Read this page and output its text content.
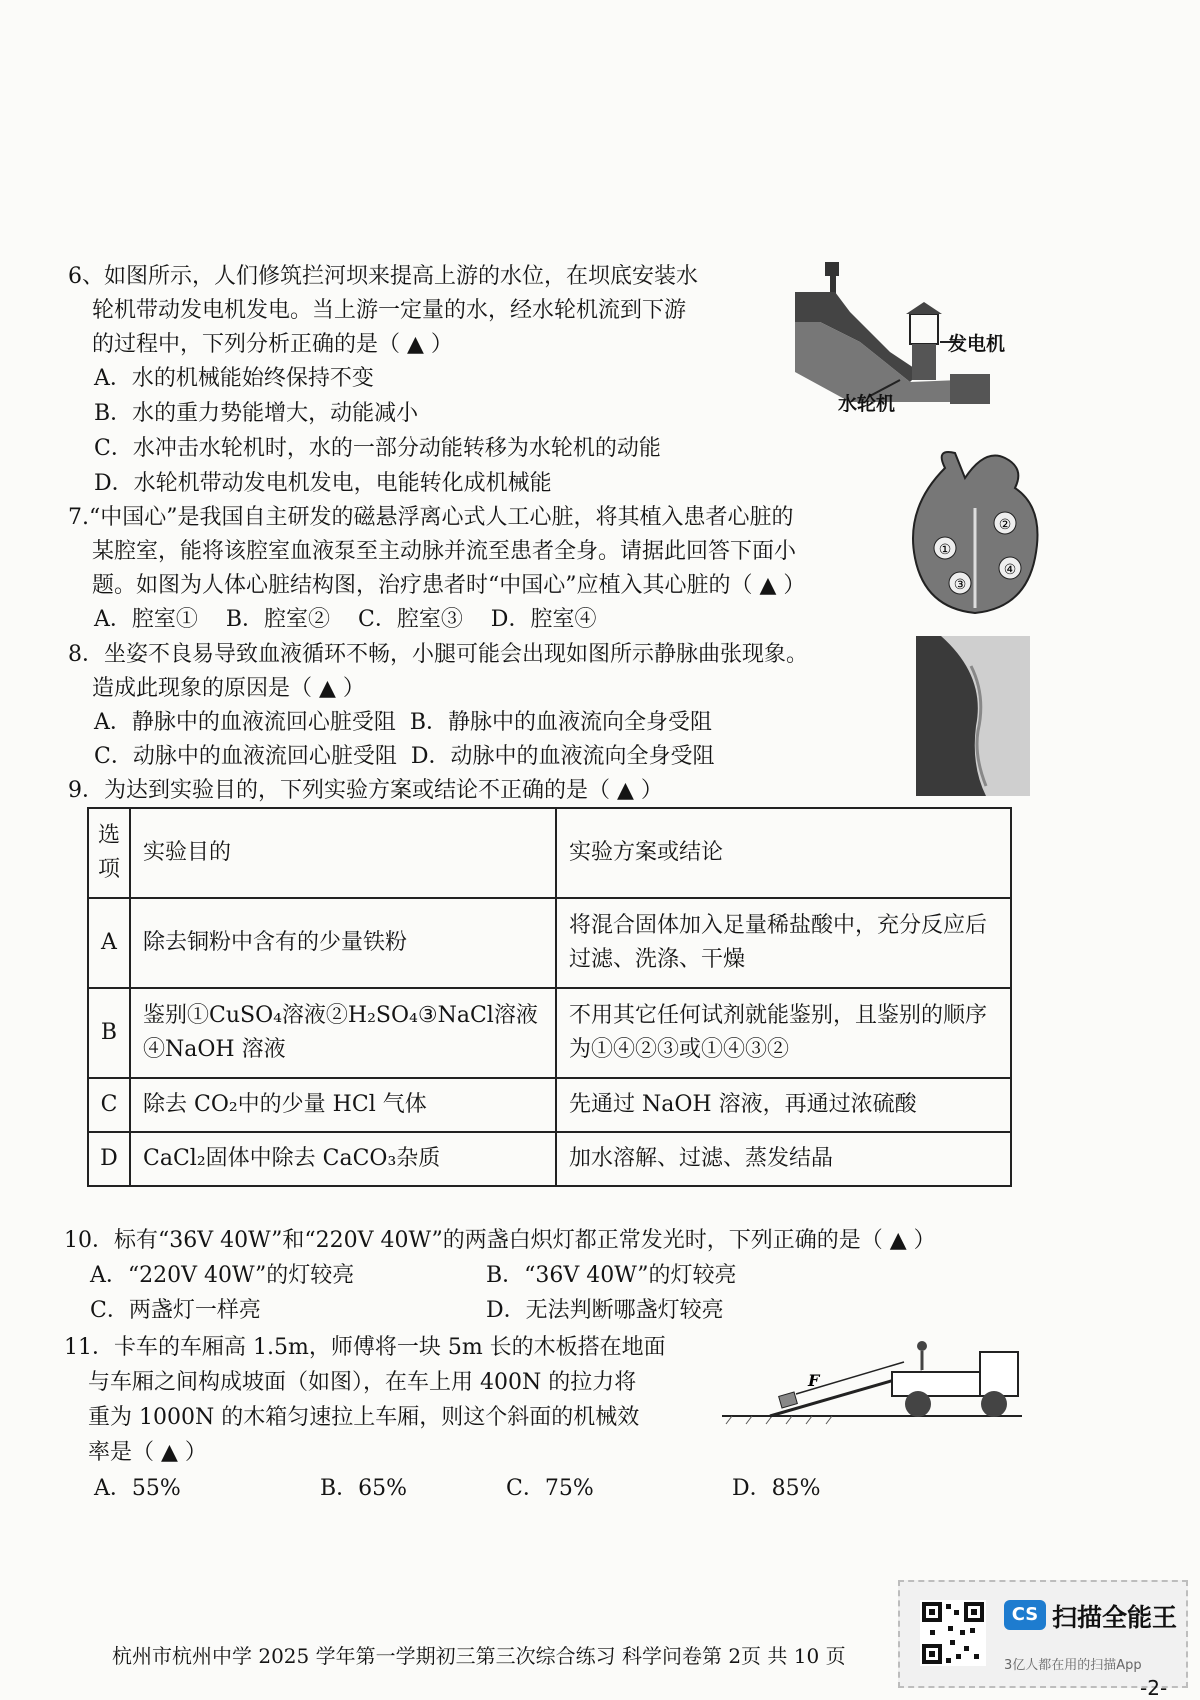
6、如图所示，人们修筑拦河坝来提高上游的水位，在坝底安装水
轮机带动发电机发电。当上游一定量的水，经水轮机流到下游
的过程中，下列分析正确的是（ ▲ ）
A．水的机械能始终保持不变
B．水的重力势能增大，动能减小
C．水冲击水轮机时，水的一部分动能转移为水轮机的动能
D．水轮机带动发电机发电，电能转化成机械能
发电机
水轮机
7.“中国心”是我国自主研发的磁悬浮离心式人工心脏，将其植入患者心脏的
某腔室，能将该腔室血液泵至主动脉并流至患者全身。请据此回答下面小
题。如图为人体心脏结构图，治疗患者时“中国心”应植入其心脏的（ ▲ ）
A．腔室①    B．腔室②    C．腔室③    D．腔室④
①
②
③
④
8．坐姿不良易导致血液循环不畅，小腿可能会出现如图所示静脉曲张现象。
造成此现象的原因是（ ▲ ）
A．静脉中的血液流回心脏受阻  B．静脉中的血液流向全身受阻
C．动脉中的血液流回心脏受阻  D．动脉中的血液流向全身受阻
9．为达到实验目的，下列实验方案或结论不正确的是（ ▲ ）
选项	实验目的	实验方案或结论
A	除去铜粉中含有的少量铁粉	将混合固体加入足量稀盐酸中，充分反应后过滤、洗涤、干燥
B	鉴别①CuSO₄溶液②H₂SO₄③NaCl溶液④NaOH 溶液	不用其它任何试剂就能鉴别，且鉴别的顺序为①④②③或①④③②
C	除去 CO₂中的少量 HCl 气体	先通过 NaOH 溶液，再通过浓硫酸
D	CaCl₂固体中除去 CaCO₃杂质	加水溶解、过滤、蒸发结晶
10．标有“36V 40W”和“220V 40W”的两盏白炽灯都正常发光时，下列正确的是（ ▲ ）
A．“220V 40W”的灯较亮	B．“36V 40W”的灯较亮
C．两盏灯一样亮	D．无法判断哪盏灯较亮
11．卡车的车厢高 1.5m，师傅将一块 5m 长的木板搭在地面
与车厢之间构成坡面（如图），在车上用 400N 的拉力将
重为 1000N 的木箱匀速拉上车厢，则这个斜面的机械效
率是（ ▲ ）
A．55%	B．65%	C．75%	D．85%
F
杭州市杭州中学 2025 学年第一学期初三第三次综合练习 科学问卷第 2页 共 10 页
CS 扫描全能王
3亿人都在用的扫描App
-2-
